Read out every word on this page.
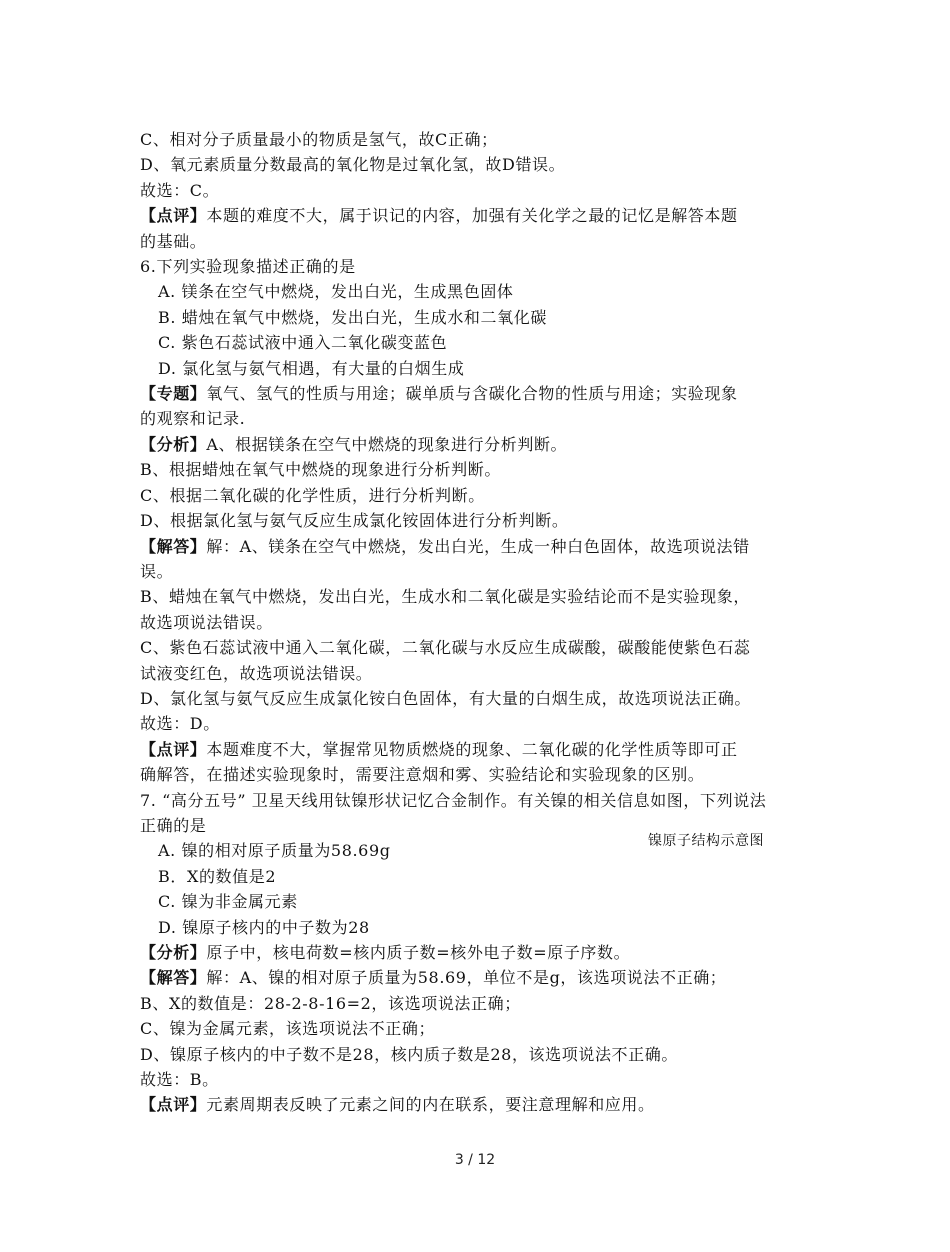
C、相对分子质量最小的物质是氢气，故C正确；
D、氧元素质量分数最高的氧化物是过氧化氢，故D错误。
故选：C。
【点评】本题的难度不大，属于识记的内容，加强有关化学之最的记忆是解答本题
的基础。
6.下列实验现象描述正确的是
A. 镁条在空气中燃烧，发出白光，生成黑色固体
B. 蜡烛在氧气中燃烧，发出白光，生成水和二氧化碳
C. 紫色石蕊试液中通入二氧化碳变蓝色
D. 氯化氢与氨气相遇，有大量的白烟生成
【专题】氧气、氢气的性质与用途；碳单质与含碳化合物的性质与用途；实验现象
的观察和记录.
【分析】A、根据镁条在空气中燃烧的现象进行分析判断。
B、根据蜡烛在氧气中燃烧的现象进行分析判断。
C、根据二氧化碳的化学性质，进行分析判断。
D、根据氯化氢与氨气反应生成氯化铵固体进行分析判断。
【解答】解：A、镁条在空气中燃烧，发出白光，生成一种白色固体，故选项说法错
误。
B、蜡烛在氧气中燃烧，发出白光，生成水和二氧化碳是实验结论而不是实验现象，
故选项说法错误。
C、紫色石蕊试液中通入二氧化碳，二氧化碳与水反应生成碳酸，碳酸能使紫色石蕊
试液变红色，故选项说法错误。
D、氯化氢与氨气反应生成氯化铵白色固体，有大量的白烟生成，故选项说法正确。
故选：D。
【点评】本题难度不大，掌握常见物质燃烧的现象、二氧化碳的化学性质等即可正
确解答，在描述实验现象时，需要注意烟和雾、实验结论和实验现象的区别。
7. “高分五号” 卫星天线用钛镍形状记忆合金制作。有关镍的相关信息如图，下列说法
正确的是
A. 镍的相对原子质量为58.69g
B．X的数值是2
C. 镍为非金属元素
D. 镍原子核内的中子数为28
【分析】原子中，核电荷数=核内质子数=核外电子数=原子序数。
【解答】解：A、镍的相对原子质量为58.69，单位不是g，该选项说法不正确；
B、X的数值是：28-2-8-16=2，该选项说法正确；
C、镍为金属元素，该选项说法不正确；
D、镍原子核内的中子数不是28，核内质子数是28，该选项说法不正确。
故选：B。
【点评】元素周期表反映了元素之间的内在联系，要注意理解和应用。
镍原子结构示意图
3 / 12
